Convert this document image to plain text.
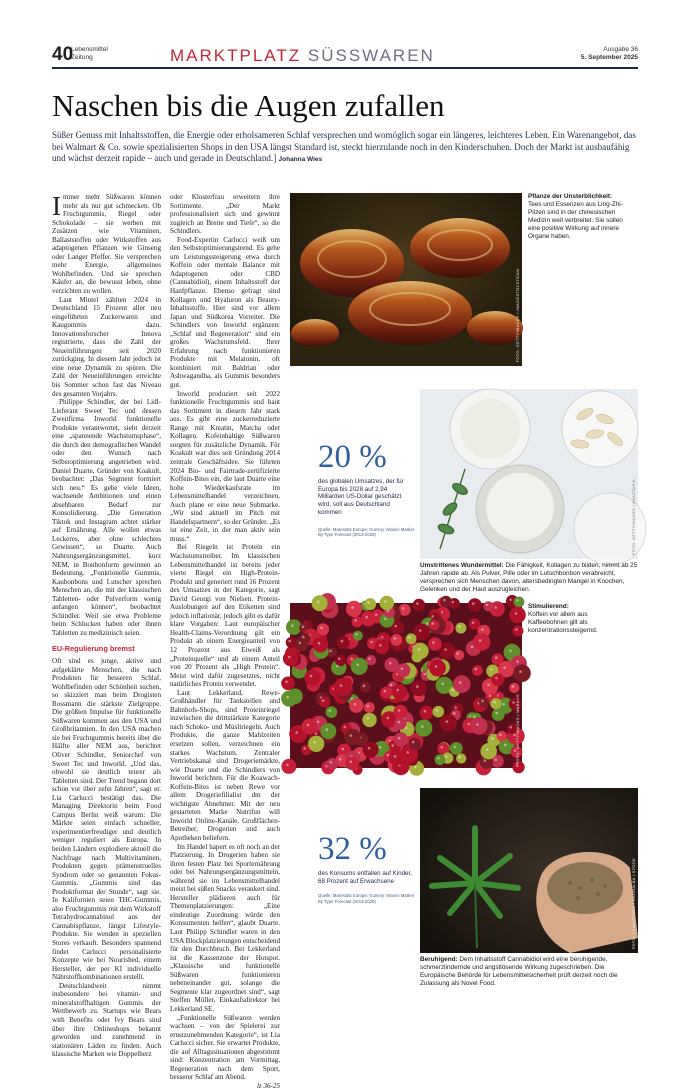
40
Lebensmittel
Zeitung	MARKTPLATZ SÜSSWAREN	Ausgabe 36
5. September 2025
Naschen bis die Augen zufallen
Süßer Genuss mit Inhaltsstoffen, die Energie oder erholsameren Schlaf versprechen und womöglich sogar ein längeres, leichteres Leben. Ein Warenangebot, das bei Walmart & Co. sowie spezialisierten Shops in den USA längst Standard ist, steckt hierzulande noch in den Kinderschuhen. Doch der Markt ist ausbaufähig und wächst derzeit rapide – auch und gerade in Deutschland.] Johanna Wies

Immer mehr Süßwaren können mehr als nur gut schmecken. Ob Fruchtgummis, Riegel oder Schokolade – sie werben mit Zusätzen wie Vitaminen, Ballaststoffen oder Wirkstoffen aus adaptogenen Pflanzen wie Ginseng oder Langer Pfeffer. Sie versprechen mehr Energie, allgemeines Wohlbefinden. Und sie sprechen Käufer an, die bewusst leben, ohne verzichten zu wollen.

Laut Mintel zählten 2024 in Deutschland 15 Prozent aller neu eingeführten Zuckerwaren und Kaugummis dazu. Innovationsforscher Innova registrierte, dass die Zahl der Neueinführungen seit 2020 zurückging. In diesem Jahr jedoch ist eine neue Dynamik zu spüren. Die Zahl der Neueinführungen erreichte bis Sommer schon fast das Niveau des gesamten Vorjahrs.

Philippe Schindler, der bei Lidl-Lieferant Sweet Tec und dessen Zweitfirma Inworld funktionelle Produkte verantwortet, sieht derzeit eine „spannende Wachstumsphase“, die durch den demografischen Wandel oder den Wunsch nach Selbstoptimierung angetrieben wird. Daniel Duarte, Gründer von Koakult, beobachtet: „Das Segment formiert sich neu.“ Es gebe viele Ideen, wachsende Ambitionen und einen absehbaren Bedarf zur Konsolidierung. „Die Generation Tiktok und Instagram achtet stärker auf Ernährung. Alle wollen etwas Leckeres, aber ohne schlechtes Gewissen“, so Duarte. Auch Nahrungsergänzungsmittel, kurz NEM, in Bonbonform gewinnen an Bedeutung. „Funktionelle Gummis, Kaubonbons und Lutscher sprechen Menschen an, die mit der klassischen Tabletten- oder Pulverform wenig anfangen können“, beobachtet Schindler. Weil sie etwa Probleme beim Schlucken haben oder ihnen Tabletten zu medizinisch seien.

EU-Regulierung bremst

Oft sind es junge, aktive und aufgeklärte Menschen, die nach Produkten für besseren Schlaf, Wohlbefinden oder Schönheit suchen, so skizziert man beim Drogisten Rossmann die stärkste Zielgruppe. Die größten Impulse für funktionelle Süßwaren kommen aus den USA und Großbritannien. In den USA machen sie bei Fruchtgummis bereits über die Hälfte aller NEM aus, berichtet Oliver Schindler, Seniorchef von Sweet Tec und Inworld. „Und das, obwohl sie deutlich teurer als Tabletten sind. Der Trend begann dort schon vor über zehn Jahren“, sagt er. Lia Carlucci bestätigt das. Die Managing Direktorin beim Food Campus Berlin weiß warum: Die Märkte seien einfach schneller, experimentierfreudiger und deutlich weniger reguliert als Europa. In beiden Ländern explodiere aktuell die Nachfrage nach Multivitaminen, Produkten gegen prämenstruelles Syndrom oder so genannten Fokus-Gummis. „Gummis sind das Produktformat der Stunde“, sagt sie. In Kalifornien seien THC-Gummis, also Fruchtgummis mit dem Wirkstoff Tetrahydrocannabinol aus der Cannabispflanze, längst Lifestyle-Produkte. Sie wenden in speziellen Stores verkauft. Besonders spannend findet Carlucci personalisierte Konzepte wie bei Nourished, einem Hersteller, der per KI individuelle Nährstoffkombinationen erstellt.

Deutschlandweit nimmt insbesondere bei vitamin- und mineralstoffhaltigen Gummis der Wettbewerb zu. Startups wie Bears with Benefits oder Ivy Bears sind über ihre Onlineshops bekannt geworden und zunehmend in stationären Läden zu finden. Auch klassische Marken wie Doppelherz

oder Klosterfrau erweitern ihre Sortimente. „Der Markt professionalisiert sich und gewinnt zugleich an Breite und Tiefe“, so die Schindlers.

Food-Expertin Carlucci weiß um den Selbstoptimierungstrend. Es gehe um Leistungssteigerung etwa durch Koffein oder mentale Balance mit Adaptogenen oder CBD (Cannabidiol), einem Inhaltsstoff der Hanfpflanze. Ebenso gefragt sind Kollagen und Hyaluron als Beauty-Inhaltsstoffe. Hier sind vor allem Japan und Südkorea Vorreiter. Die Schindlers von Inworld ergänzen: „Schlaf und Regeneration“ sind ein großes Wachstumsfeld. Ihrer Erfahrung nach funktionieren Produkte mit Melatonin, oft kombiniert mit Baldrian oder Ashwagandha, als Gummis besonders gut.

Inworld produziert seit 2022 funktionelle Fruchtgummis und baut das Sortiment in diesem Jahr stark aus. Es gibt eine zuckerreduzierte Range mit Kreatin, Matcha oder Kollagen. Kofeinhaltige Süßwaren sorgten für zusätzliche Dynamik. Für Koakult war dies seit Gründung 2014 zentrale Geschäftsidee. Sie führten 2024 Bio- und Fairtrade-zertifizierte Koffein-Bites ein, die laut Duarte eine hohe Wiederkaufsrate im Lebensmittelhandel verzeichnen. Auch plane er eine neue Submarke. „Wir sind aktuell im Pitch mit Handelspartnern“, so der Gründer. „Es ist eine Zeit, in der man aktiv sein muss.“

Bei Riegeln ist Protein ein Wachstumstreiber. Im klassischen Lebensmittelhandel ist bereits jeder vierte Riegel ein High-Protein-Produkt und generiert rund 16 Prozent des Umsatzes in der Kategorie, sagt David Georgi von Nielsen. Protein-Auslobungen auf den Etiketten sind jedoch inflationär, jedoch gibt es dafür klare Vorgaben: Laut europäischer Health-Claims-Verordnung gilt ein Produkt ab einem Energieanteil von 12 Prozent aus Eiweiß als „Proteinquelle“ und ab einem Anteil von 20 Prozent als „High Protein“. Meist wird dafür zugesetztes, nicht natürliches Protein verwendet.

Laut Lekkerland, Rewe-Großhändler für Tankstellen und Bahnhofs-Shops, sind Proteinriegel inzwischen die drittstärkste Kategorie nach Schoko- und Müsliriegeln. Auch Produkte, die ganze Mahlzeiten ersetzen sollen, verzeichnen ein starkes Wachstum. Zentraler Vertriebskanal sind Drogeriemärkte, wie Duarte und die Schindlers von Inworld berichten. Für die Koawach-Koffein-Bites ist neben Rewe vor allem Drogeriefilialist dm der wichtigste Abnehmer. Mit der neu gestarteten Marke Nutrifun will Inworld Online-Kanäle, Großflächen-Betreiber, Drogerien und auch Apotheken beliefern.

Im Handel hapert es oft noch an der Platzierung. In Drogerien haben sie ihren festen Platz bei Sporternährung oder bei Nahrungsergänzungsmitteln, während sie im Lebensmittelhandel meist bei süßen Snacks verankert sind. Hersteller plädieren auch für Themenplatzierungen: „Eine eindeutige Zuordnung würde den Konsumenten helfen“, glaubt Duarte. Laut Philipp Schindler waren in den USA Blockplatzierungen entscheidend für den Durchbruch. Bei Lekkerland ist die Kassenzone der Hotspot. „Klassische und funktionelle Süßwaren funktionieren nebeneinander gut, solange die Segmente klar zugeordnet sind“, sagt Steffen Müller, Einkaufsdirektor bei Lekkerland SE.

„Funktionelle Süßwaren werden wachsen – von der Spielerei zur ernstzunehmenden Kategorie“, ist Lia Carlucci sicher. Sie erwartet Produkte, die auf Alltagssituationen abgestimmt sind: Konzentration am Vormittag, Regeneration nach dem Sport, besserer Schlaf am Abend.

lz 36-25
FOTO: GETTYIMAGES / IMAGESTOCKTEAM
Pflanze der Unsterblichkeit:
Tees und Essenzen aus Ling-Zhi-Pilzen sind in der chinesischen Medizin weit verbreitet. Sie sollen eine positive Wirkung auf innere Organe haben.
20 %
des globalen Umsatzes, der für Europa bis 2028 auf 2,94 Milliarden US-Dollar geschätzt wird, soll aus Deutschland kommen
Quelle: Marestats Europe; Gummy Vitamin Market By Type Forecast (2013-2028)	FOTO: GETTYIMAGES / ANASTASIA
Umstrittenes Wundermittel: Die Fähigkeit, Kollagen zu bilden, nimmt ab 25 Jahren rapide ab. Als Pulver, Pille oder im Lutschbonbon verabreicht, versprechen sich Menschen davon, altersbedingten Mangel in Knochen, Gelenken und der Haut auszugleichen.
FOTO: GETTYIMAGES / MARKUS
Stimulierend:
Koffein vor allem aus Kaffeebohnen gilt als konzentrationssteigernd.
32 %
des Konsums entfallen auf Kinder, 68 Prozent auf Erwachsene
Quelle: Marestats Europe; Gummy Vitamin Market By Type Forecast (2013-2028)	FOTO: THINKSTOCK / GARRALBA / STOCK
Beruhigend: Dem Inhaltsstoff Cannabidiol wird eine beruhigende, schmerzlindernde und angstlösende Wirkung zugeschrieben. Die Europäische Behörde für Lebensmittelsicherheit prüft derzeit noch die Zulassung als Novel Food.
